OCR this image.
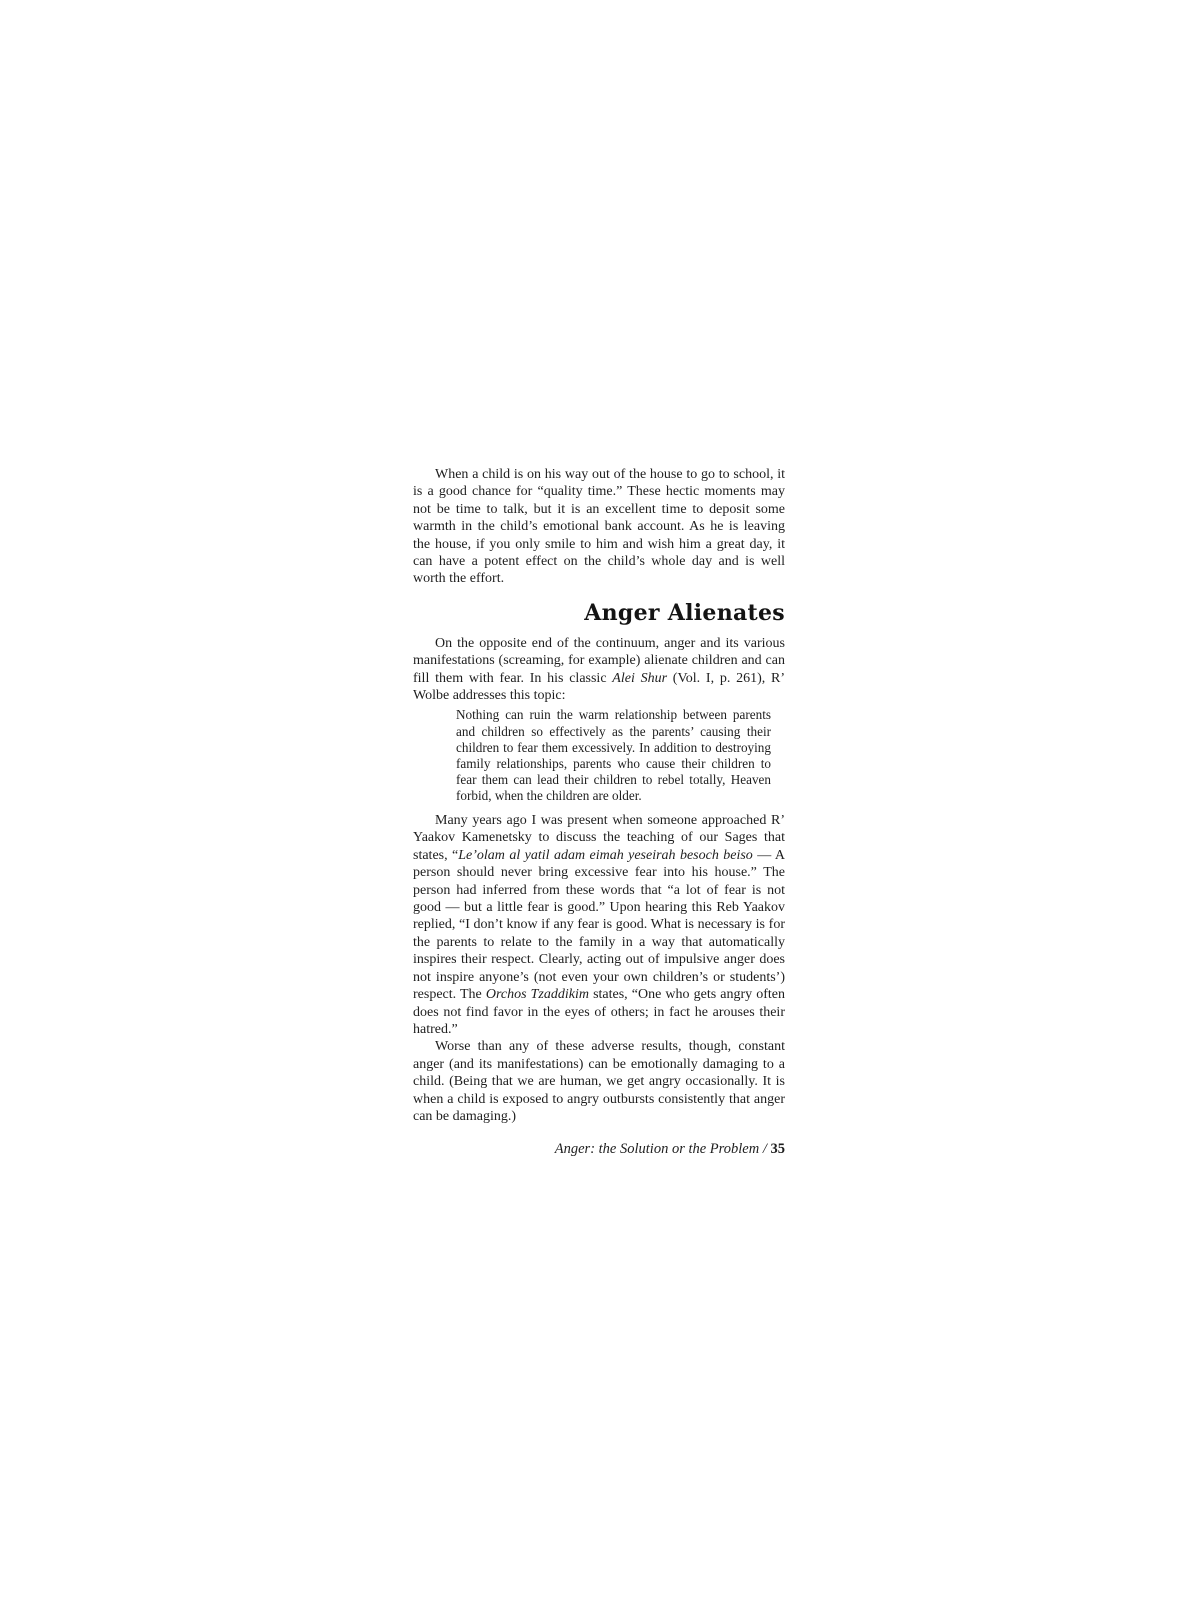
When a child is on his way out of the house to go to school, it is a good chance for “quality time.” These hectic moments may not be time to talk, but it is an excellent time to deposit some warmth in the child’s emotional bank account. As he is leaving the house, if you only smile to him and wish him a great day, it can have a potent effect on the child’s whole day and is well worth the effort.

Anger Alienates

On the opposite end of the continuum, anger and its various manifestations (screaming, for example) alienate children and can fill them with fear. In his classic Alei Shur (Vol. I, p. 261), R’ Wolbe addresses this topic:

Nothing can ruin the warm relationship between parents and children so effectively as the parents’ causing their children to fear them excessively. In addition to destroying family relationships, parents who cause their children to fear them can lead their children to rebel totally, Heaven forbid, when the children are older.

Many years ago I was present when someone approached R’ Yaakov Kamenetsky to discuss the teaching of our Sages that states, “Le’olam al yatil adam eimah yeseirah besoch beiso — A person should never bring excessive fear into his house.” The person had inferred from these words that “a lot of fear is not good — but a little fear is good.” Upon hearing this Reb Yaakov replied, “I don’t know if any fear is good. What is necessary is for the parents to relate to the family in a way that automatically inspires their respect. Clearly, acting out of impulsive anger does not inspire anyone’s (not even your own children’s or students’) respect. The Orchos Tzaddikim states, “One who gets angry often does not find favor in the eyes of others; in fact he arouses their hatred.”

Worse than any of these adverse results, though, constant anger (and its manifestations) can be emotionally damaging to a child. (Being that we are human, we get angry occasionally. It is when a child is exposed to angry outbursts consistently that anger can be damaging.)

Anger: the Solution or the Problem / 35
